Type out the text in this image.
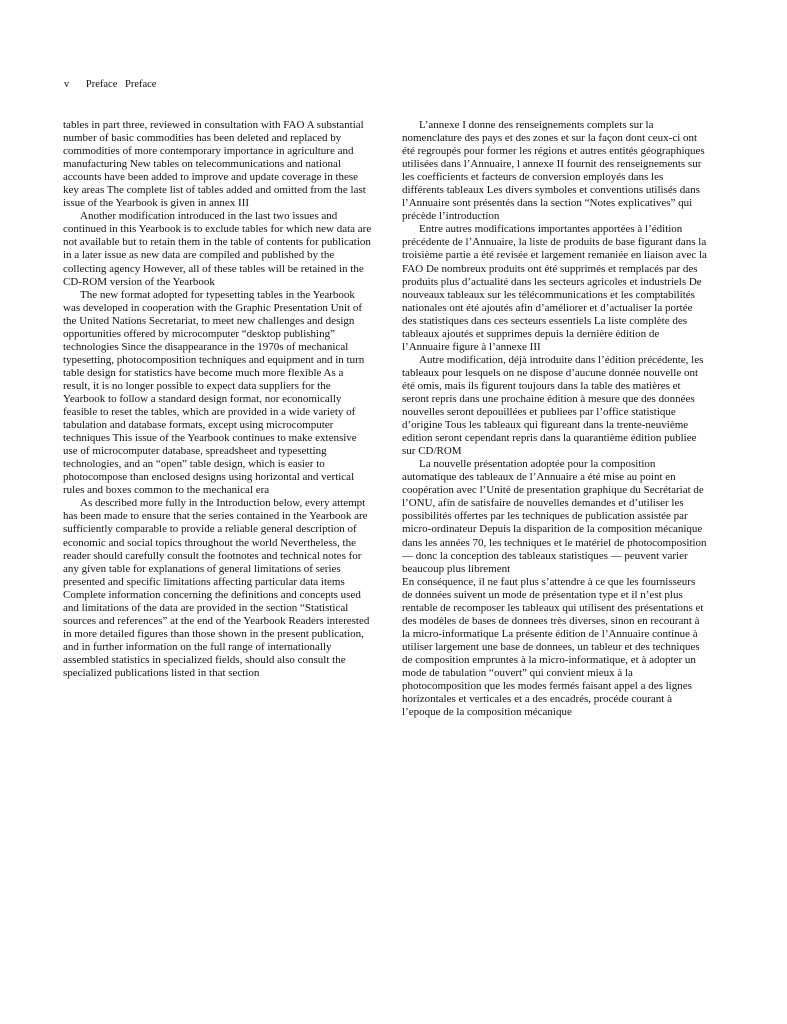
v Preface Preface

tables in part three, reviewed in consultation with FAO A substantial number of basic commodities has been deleted and replaced by commodities of more contemporary importance in agriculture and manufacturing New tables on telecommunications and national accounts have been added to improve and update coverage in these key areas The complete list of tables added and omitted from the last issue of the Yearbook is given in annex III

Another modification introduced in the last two issues and continued in this Yearbook is to exclude tables for which new data are not available but to retain them in the table of contents for publication in a later issue as new data are compiled and published by the collecting agency However, all of these tables will be retained in the CD-ROM version of the Yearbook

The new format adopted for typesetting tables in the Yearbook was developed in cooperation with the Graphic Presentation Unit of the United Nations Secretariat, to meet new challenges and design opportunities offered by microcomputer “desktop publishing” technologies Since the disappearance in the 1970s of mechanical typesetting, photocomposition techniques and equipment and in turn table design for statistics have become much more flexible As a result, it is no longer possible to expect data suppliers for the Yearbook to follow a standard design format, nor economically feasible to reset the tables, which are provided in a wide variety of tabulation and database formats, except using microcomputer techniques This issue of the Yearbook continues to make extensive use of microcomputer database, spreadsheet and typesetting technologies, and an “open” table design, which is easier to photocompose than enclosed designs using horizontal and vertical rules and boxes common to the mechanical era

As described more fully in the Introduction below, every attempt has been made to ensure that the series contained in the Yearbook are sufficiently comparable to provide a reliable general description of economic and social topics throughout the world Nevertheless, the reader should carefully consult the footnotes and technical notes for any given table for explanations of general limitations of series presented and specific limitations affecting particular data items Complete information concerning the definitions and concepts used and limitations of the data are provided in the section “Statistical sources and references” at the end of the Yearbook Readers interested in more detailed figures than those shown in the present publication, and in further information on the full range of internationally assembled statistics in specialized fields, should also consult the specialized publications listed in that section

L’annexe I donne des renseignements complets sur la nomenclature des pays et des zones et sur la façon dont ceux-ci ont été regroupés pour former les régions et autres entités géographiques utilisées dans l’Annuaire, l annexe II fournit des renseignements sur les coefficients et facteurs de conversion employés dans les différents tableaux Les divers symboles et conventions utilisés dans l’Annuaire sont présentés dans la section “Notes explicatives” qui précède l’introduction

Entre autres modifications importantes apportées à l’édition précédente de l’Annuaire, la liste de produits de base figurant dans la troisième partie a été revisée et largement remaniée en liaison avec la FAO De nombreux produits ont été supprimés et remplacés par des produits plus d’actualité dans les secteurs agricoles et industriels De nouveaux tableaux sur les télécommunications et les comptabilités nationales ont été ajoutés afin d’améliorer et d’actualiser la portée des statistiques dans ces secteurs essentiels La liste complète des tableaux ajoutés et supprimes depuis la dernière édition de l’Annuaire figure à l’annexe III

Autre modification, déjà introduite dans l’édition précédente, les tableaux pour lesquels on ne dispose d’aucune donnée nouvelle ont été omis, mais ils figurent toujours dans la table des matières et seront repris dans une prochaine édition à mesure que des données nouvelles seront depouillées et publiees par l’office statistique d’origine Tous les tableaux qui figureant dans la trente-neuvième edition seront cependant repris dans la quarantième édition publiee sur CD/ROM

La nouvelle présentation adoptée pour la composition automatique des tableaux de l’Annuaire a été mise au point en coopération avec l’Unité de presentation graphique du Secrétariat de l’ONU, afin de satisfaire de nouvelles demandes et d’utiliser les possibilités offertes par les techniques de publication assistée par micro-ordinateur Depuis la disparition de la composition mécanique dans les années 70, les techniques et le matériel de photocomposition — donc la conception des tableaux statistiques — peuvent varier beaucoup plus librement

En conséquence, il ne faut plus s’attendre à ce que les fournisseurs de données suivent un mode de présentation type et il n’est plus rentable de recomposer les tableaux qui utilisent des présentations et des modèles de bases de donnees très diverses, sinon en recourant à la micro-informatique La présente édition de l’Annuaire continue à utiliser largement une base de donnees, un tableur et des techniques de composition empruntes à la micro-informatique, et à adopter un mode de tabulation “ouvert” qui convient mieux à la photocomposition que les modes fermés faisant appel a des lignes horizontales et verticales et a des encadrés, procéde courant à l’epoque de la composition mécanique
